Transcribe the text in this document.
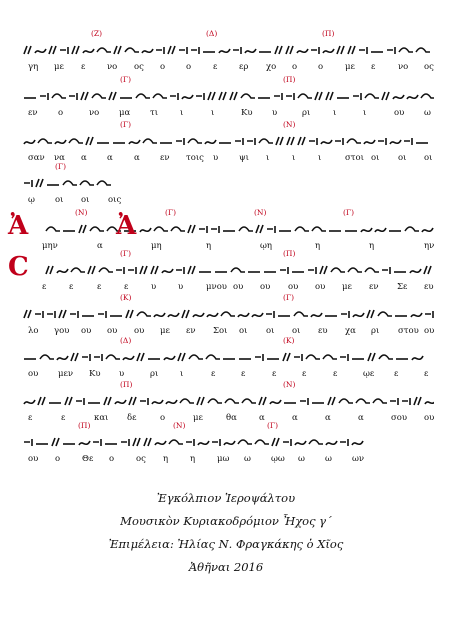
(Ζ)	(Δ)	(Π)
γη με ε	νο ος ο ο	ε	ερ χο ο ο	με ε	νο ος
(Γ)	(Π)
εν ο	νο μα τι	ι	ι	Κυ υ	ρι	ι	ι	ου ω
(Γ)	(Ν)
σαν να α α	α εν τοις υ ψι ι	ι	ι	στοι οι οι οι
(Γ)
ῳ οι οι οις
(Ν)	(Γ)	(Ν)	(Γ)
Ἀ	Ἀ
μην	α	μη	η	ῳη	η	η	ην
(Γ)	(Π)
Ϲ
ε	ε	ε	ε	υ	υ	μνου ου ου ου ου με εν Σε ευ
(Κ)	(Γ)
λο γου ου ου ου με εν Σοι οι οι οι ευ χα ρι στου ου
(Δ)	(Κ)
ου μεν Κυ υ	ρι	ι	ε	ε	ε	ε	ε	ῳε ε	ε
(Π)	(Ν)
ε	ε	και δε	ο	με	θα	α	α	α	α	σου ου
(Π)	(Ν)	(Γ)
ου ο	Θε ο	ος η	η	μω ω ῳω ω ω ων
Ἐγκόλπιον Ἱεροψάλτου
Μουσικὸν Κυριακοδρόμιον Ἦχος γ´
Ἐπιμέλεια: Ἠλίας Ν. Φραγκάκης ὁ Χῖος
Ἀθῆναι 2016
